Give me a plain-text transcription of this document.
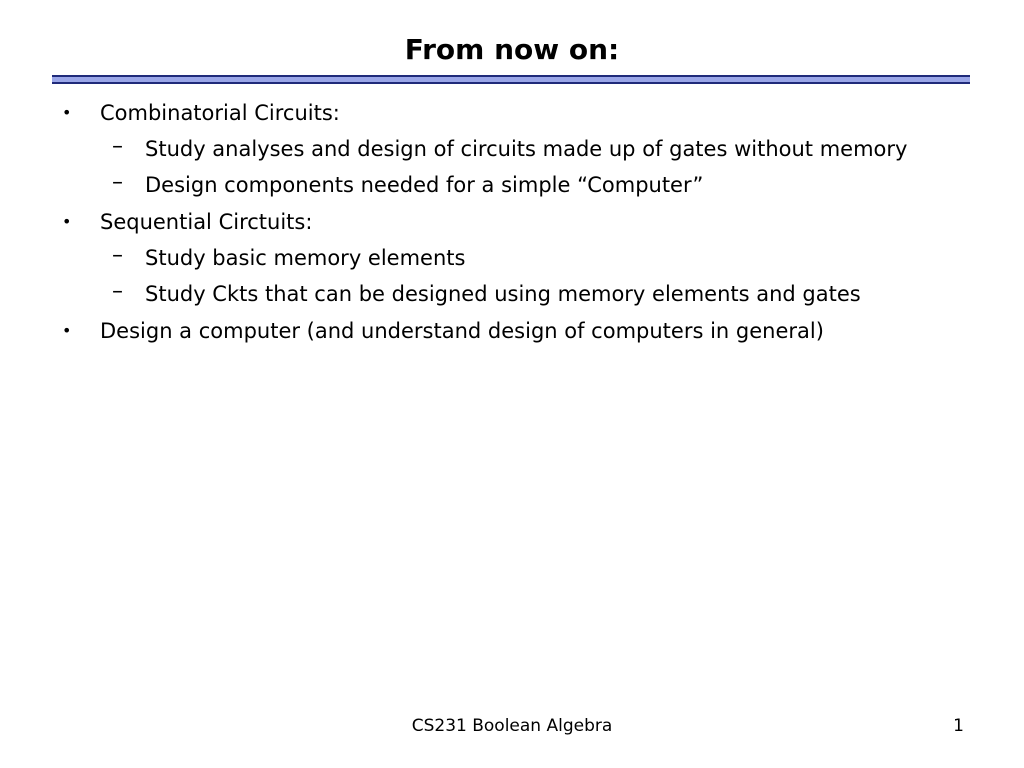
From now on:
• Combinatorial Circuits:
– Study analyses and design of circuits made up of gates without memory
– Design components needed for a simple “Computer”
• Sequential Circtuits:
– Study basic memory elements
– Study Ckts that can be designed using memory elements and gates
• Design a computer (and understand design of computers in general)
CS231 Boolean Algebra	1
